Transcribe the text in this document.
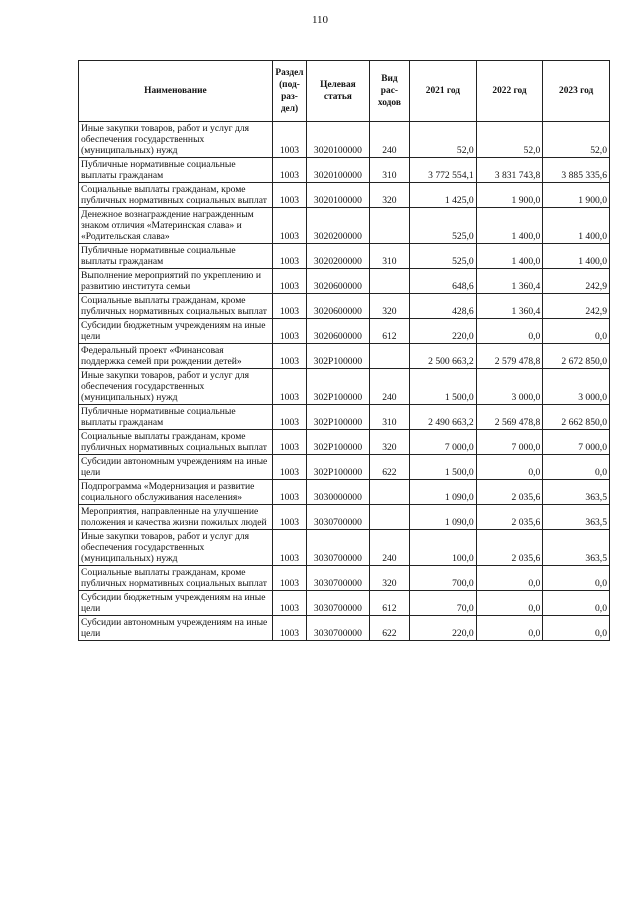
110
Наименование	Раздел (под-раз-дел)	Целевая статья	Вид рас-ходов	2021 год	2022 год	2023 год
Иные закупки товаров, работ и услуг для обеспечения государственных (муниципальных) нужд	1003	3020100000	240	52,0	52,0	52,0
Публичные нормативные социальные выплаты гражданам	1003	3020100000	310	3 772 554,1	3 831 743,8	3 885 335,6
Социальные выплаты гражданам, кроме публичных нормативных социальных выплат	1003	3020100000	320	1 425,0	1 900,0	1 900,0
Денежное вознаграждение награжденным знаком отличия «Материнская слава» и «Родительская слава»	1003	3020200000		525,0	1 400,0	1 400,0
Публичные нормативные социальные выплаты гражданам	1003	3020200000	310	525,0	1 400,0	1 400,0
Выполнение мероприятий по укреплению и развитию института семьи	1003	3020600000		648,6	1 360,4	242,9
Социальные выплаты гражданам, кроме публичных нормативных социальных выплат	1003	3020600000	320	428,6	1 360,4	242,9
Субсидии бюджетным учреждениям на иные цели	1003	3020600000	612	220,0	0,0	0,0
Федеральный проект «Финансовая поддержка семей при рождении детей»	1003	302P100000		2 500 663,2	2 579 478,8	2 672 850,0
Иные закупки товаров, работ и услуг для обеспечения государственных (муниципальных) нужд	1003	302P100000	240	1 500,0	3 000,0	3 000,0
Публичные нормативные социальные выплаты гражданам	1003	302P100000	310	2 490 663,2	2 569 478,8	2 662 850,0
Социальные выплаты гражданам, кроме публичных нормативных социальных выплат	1003	302P100000	320	7 000,0	7 000,0	7 000,0
Субсидии автономным учреждениям на иные цели	1003	302P100000	622	1 500,0	0,0	0,0
Подпрограмма «Модернизация и развитие социального обслуживания населения»	1003	3030000000		1 090,0	2 035,6	363,5
Мероприятия, направленные на улучшение положения и качества жизни пожилых людей	1003	3030700000		1 090,0	2 035,6	363,5
Иные закупки товаров, работ и услуг для обеспечения государственных (муниципальных) нужд	1003	3030700000	240	100,0	2 035,6	363,5
Социальные выплаты гражданам, кроме публичных нормативных социальных выплат	1003	3030700000	320	700,0	0,0	0,0
Субсидии бюджетным учреждениям на иные цели	1003	3030700000	612	70,0	0,0	0,0
Субсидии автономным учреждениям на иные цели	1003	3030700000	622	220,0	0,0	0,0
